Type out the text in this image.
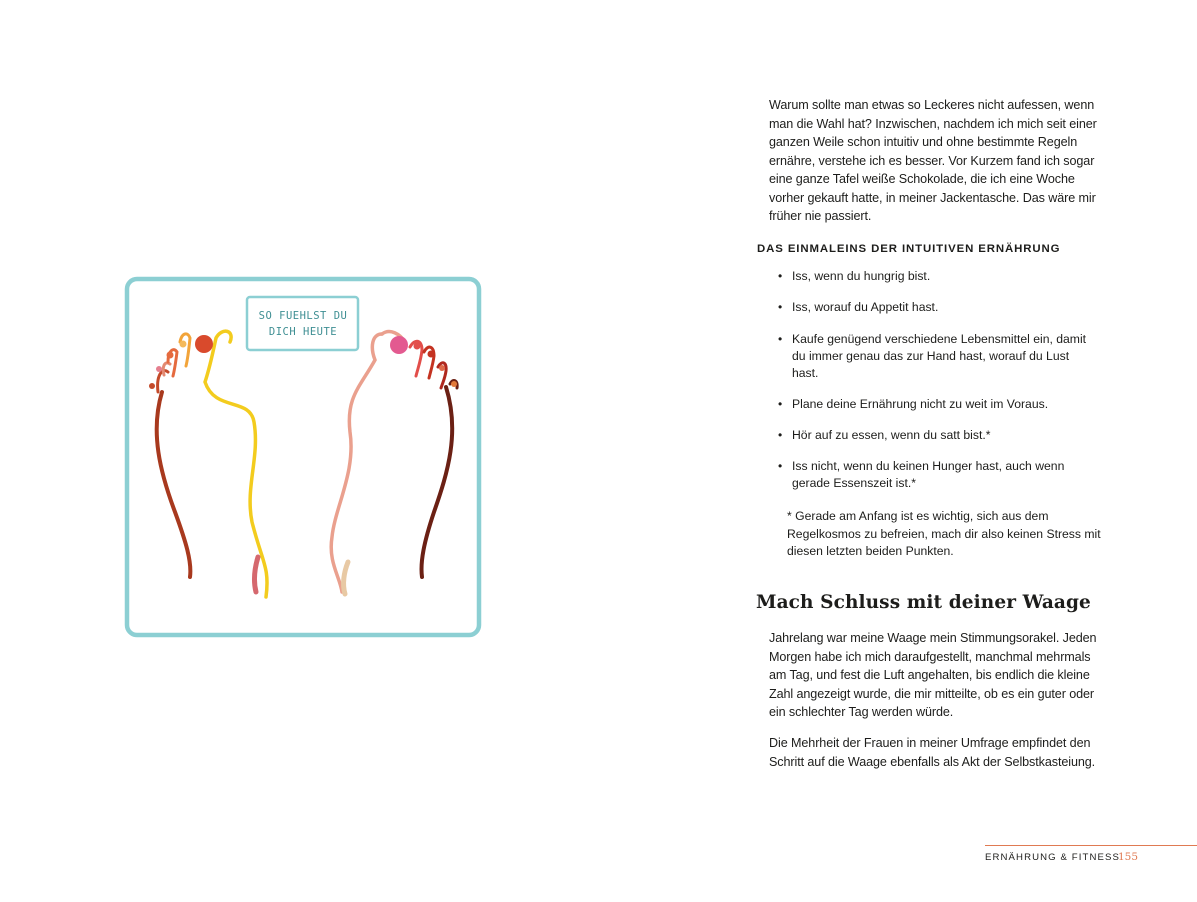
SO FUEHLST DU
DICH HEUTE

Warum sollte man etwas so Leckeres nicht aufessen, wenn man die Wahl hat? Inzwischen, nachdem ich mich seit einer ganzen Weile schon intuitiv und ohne bestimmte Regeln ernähre, verstehe ich es besser. Vor Kurzem fand ich sogar eine ganze Tafel weiße Schokolade, die ich eine Woche vorher gekauft hatte, in meiner Jackentasche. Das wäre mir früher nie passiert.

DAS EINMALEINS DER INTUITIVEN ERNÄHRUNG
• Iss, wenn du hungrig bist.
• Iss, worauf du Appetit hast.
• Kaufe genügend verschiedene Lebensmittel ein, damit du immer genau das zur Hand hast, worauf du Lust hast.
• Plane deine Ernährung nicht zu weit im Voraus.
• Hör auf zu essen, wenn du satt bist.*
• Iss nicht, wenn du keinen Hunger hast, auch wenn gerade Essenszeit ist.*

* Gerade am Anfang ist es wichtig, sich aus dem Regelkosmos zu befreien, mach dir also keinen Stress mit diesen letzten beiden Punkten.

Mach Schluss mit deiner Waage

Jahrelang war meine Waage mein Stimmungsorakel. Jeden Morgen habe ich mich daraufgestellt, manchmal mehrmals am Tag, und fest die Luft angehalten, bis endlich die kleine Zahl angezeigt wurde, die mir mitteilte, ob es ein guter oder ein schlechter Tag werden würde.

Die Mehrheit der Frauen in meiner Umfrage empfindet den Schritt auf die Waage ebenfalls als Akt der Selbstkasteiung.

ERNÄHRUNG & FITNESS

155
